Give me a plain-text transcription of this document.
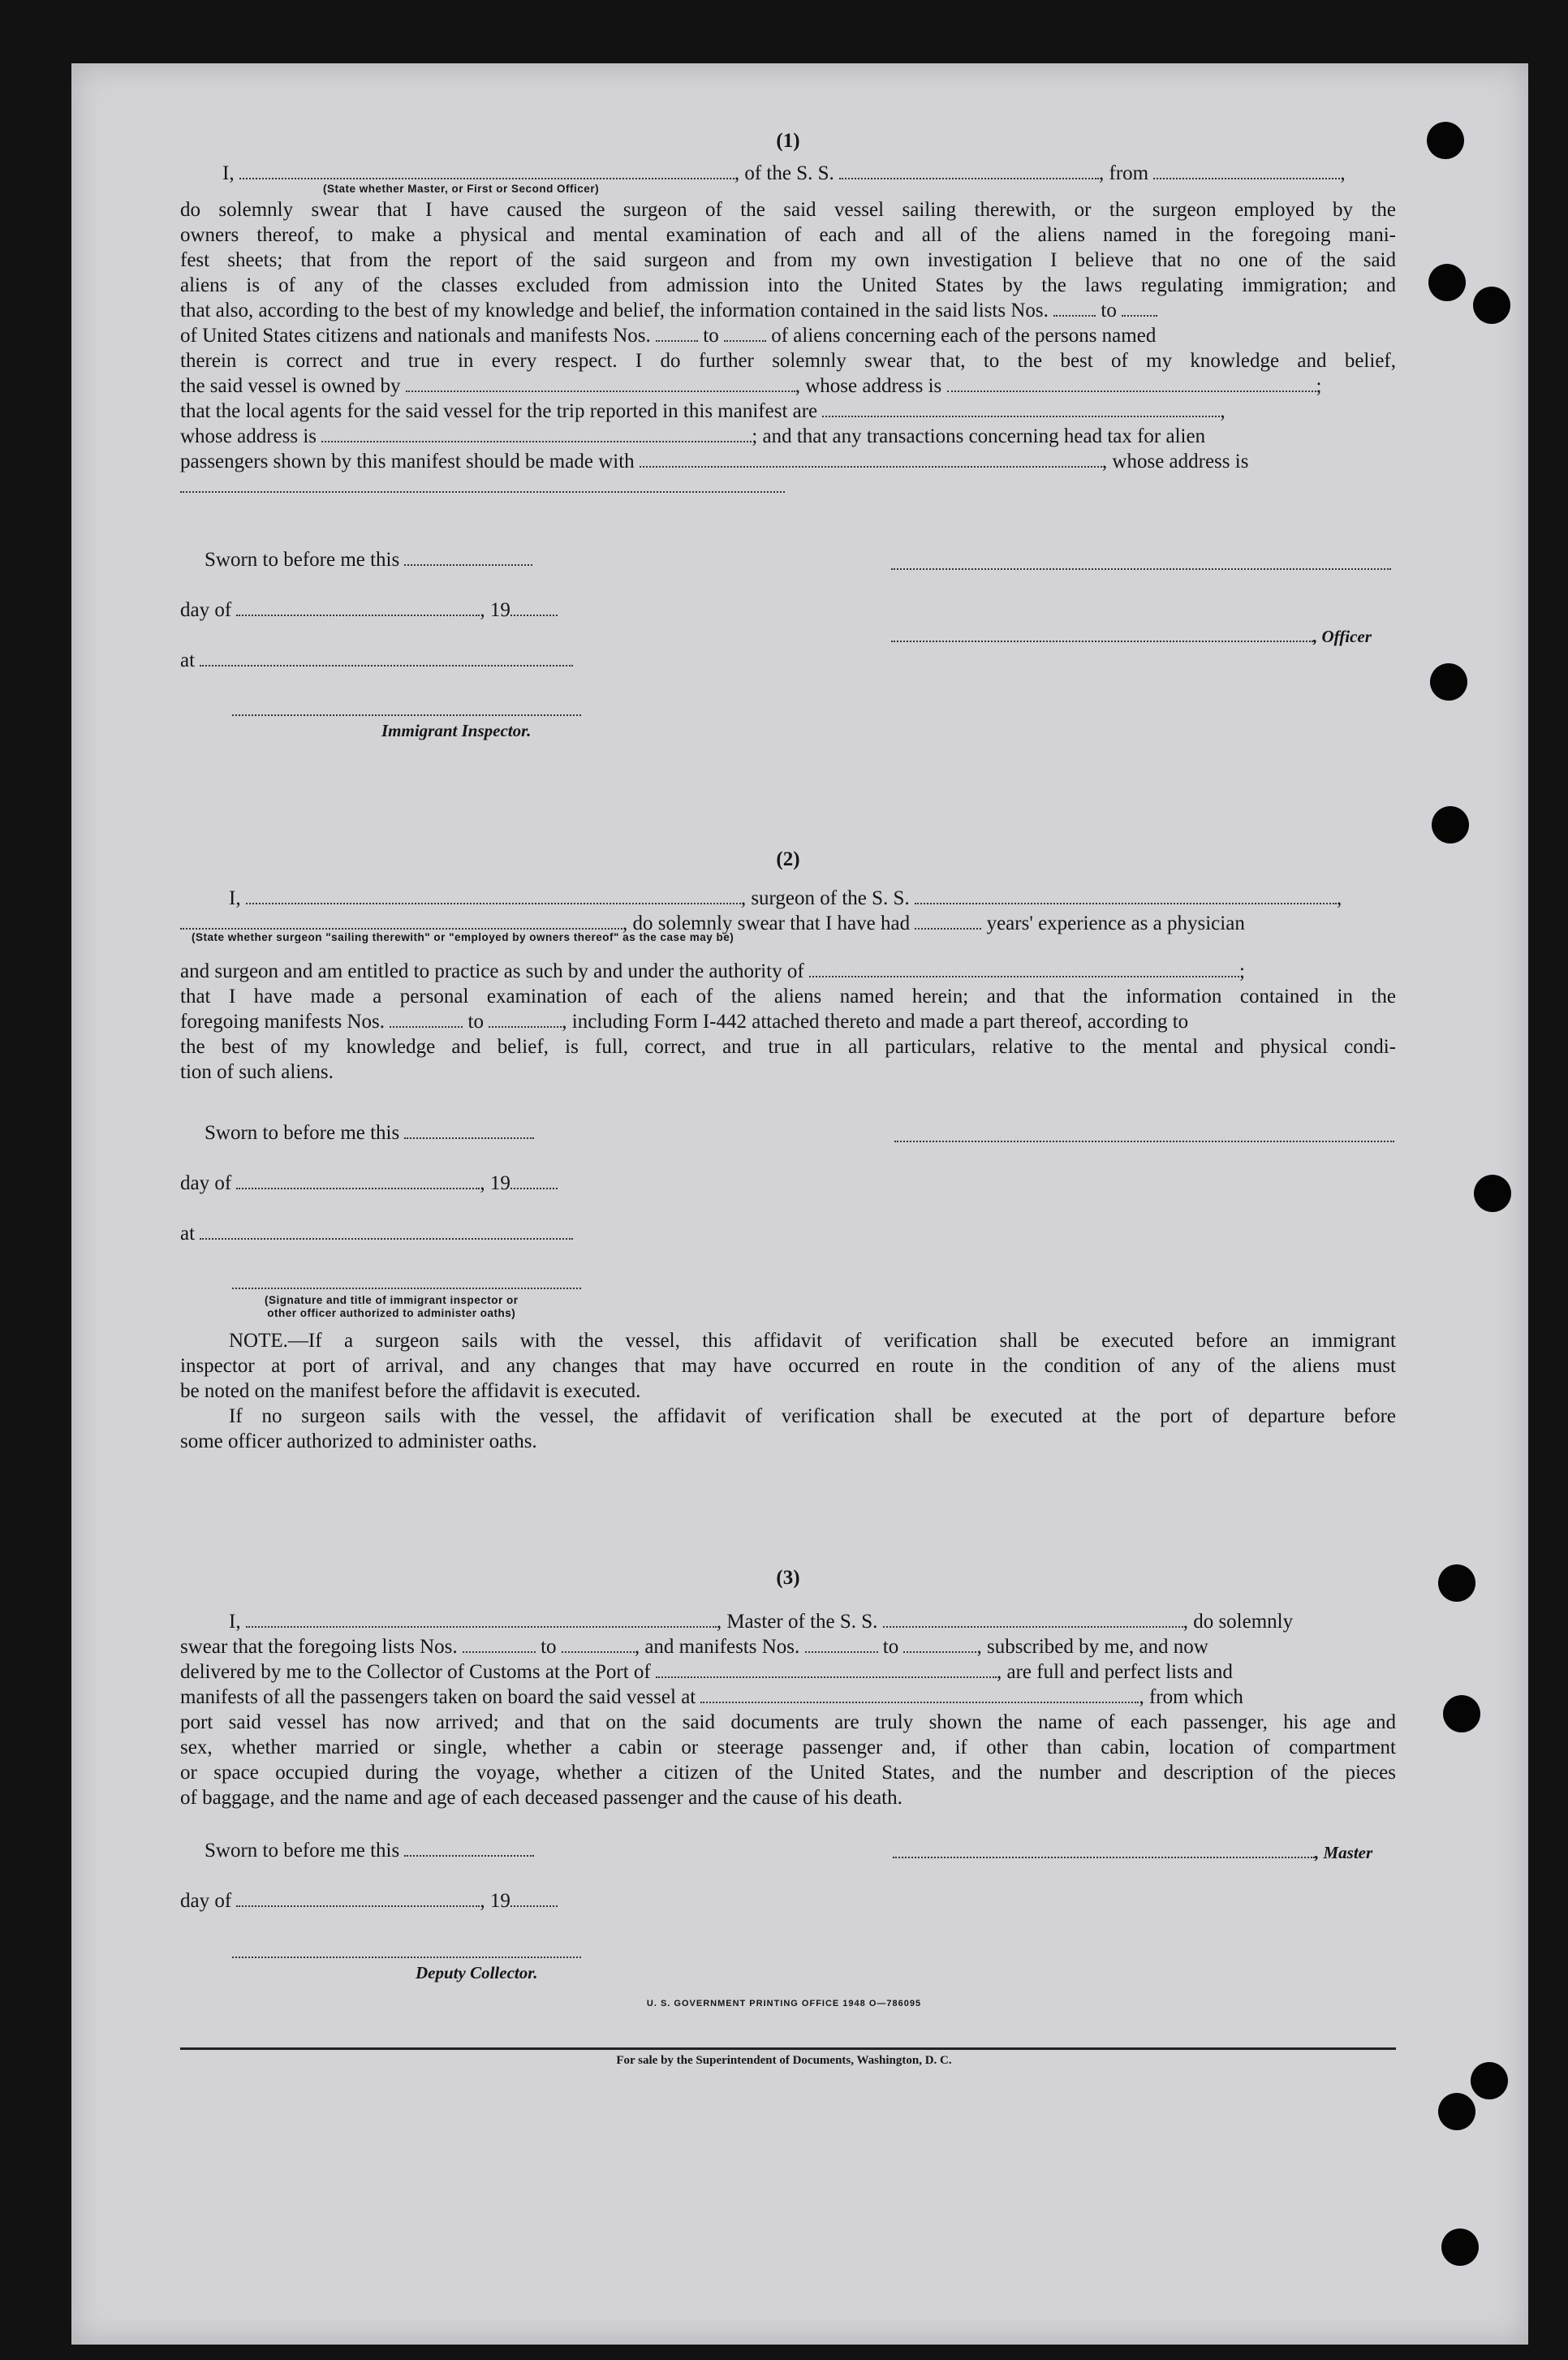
(1)

I,	, of the S. S.	, from	,
(State whether Master, or First or Second Officer)
do solemnly swear that I have caused the surgeon of the said vessel sailing therewith, or the surgeon employed by the
owners thereof, to make a physical and mental examination of each and all of the aliens named in the foregoing mani-
fest sheets; that from the report of the said surgeon and from my own investigation I believe that no one of the said
aliens is of any of the classes excluded from admission into the United States by the laws regulating immigration; and
that also, according to the best of my knowledge and belief, the information contained in the said lists Nos.	to
of United States citizens and nationals and manifests Nos.	to	of aliens concerning each of the persons named
therein is correct and true in every respect. I do further solemnly swear that, to the best of my knowledge and belief,
the said vessel is owned by	, whose address is	;
that the local agents for the said vessel for the trip reported in this manifest are	,
whose address is	; and that any transactions concerning head tax for alien
passengers shown by this manifest should be made with	, whose address is
Sworn to before me this
day of	, 19
at
Immigrant Inspector.
, Officer

(2)

I,	, surgeon of the S. S.	,
, do solemnly swear that I have had	years' experience as a physician
(State whether surgeon "sailing therewith" or "employed by owners thereof" as the case may be)
and surgeon and am entitled to practice as such by and under the authority of	;
that I have made a personal examination of each of the aliens named herein; and that the information contained in the
foregoing manifests Nos.	to	, including Form I-442 attached thereto and made a part thereof, according to
the best of my knowledge and belief, is full, correct, and true in all particulars, relative to the mental and physical condi-
tion of such aliens.
Sworn to before me this
day of	, 19
at
(Signature and title of immigrant inspector or
other officer authorized to administer oaths)
NOTE.—If a surgeon sails with the vessel, this affidavit of verification shall be executed before an immigrant
inspector at port of arrival, and any changes that may have occurred en route in the condition of any of the aliens must
be noted on the manifest before the affidavit is executed.
If no surgeon sails with the vessel, the affidavit of verification shall be executed at the port of departure before
some officer authorized to administer oaths.

(3)

I,	, Master of the S. S.	, do solemnly
swear that the foregoing lists Nos.	to	, and manifests Nos.	to	, subscribed by me, and now
delivered by me to the Collector of Customs at the Port of	, are full and perfect lists and
manifests of all the passengers taken on board the said vessel at	, from which
port said vessel has now arrived; and that on the said documents are truly shown the name of each passenger, his age and
sex, whether married or single, whether a cabin or steerage passenger and, if other than cabin, location of compartment
or space occupied during the voyage, whether a citizen of the United States, and the number and description of the pieces
of baggage, and the name and age of each deceased passenger and the cause of his death.
Sworn to before me this	, Master
day of	, 19
Deputy Collector.
U. S. GOVERNMENT PRINTING OFFICE 1948 O—786095
For sale by the Superintendent of Documents, Washington, D. C.
